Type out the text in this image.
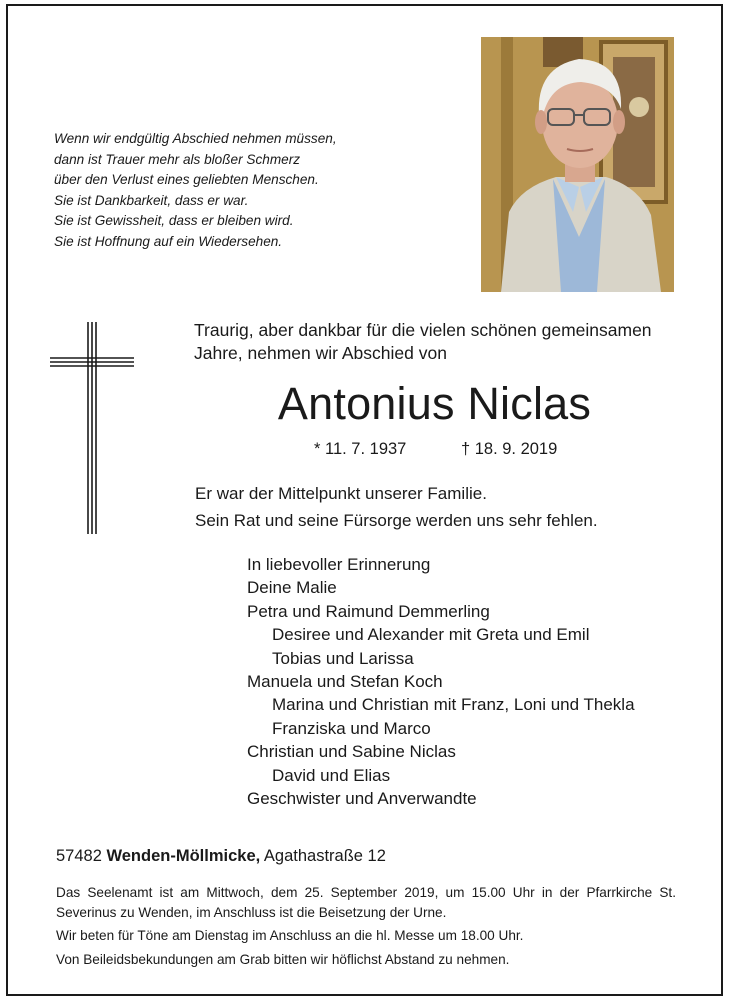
Wenn wir endgültig Abschied nehmen müssen,
dann ist Trauer mehr als bloßer Schmerz
über den Verlust eines geliebten Menschen.
Sie ist Dankbarkeit, dass er war.
Sie ist Gewissheit, dass er bleiben wird.
Sie ist Hoffnung auf ein Wiedersehen.
Traurig, aber dankbar für die vielen schönen gemeinsamen
Jahre, nehmen wir Abschied von
Antonius Niclas
* 11. 7. 1937	† 18. 9. 2019
Er war der Mittelpunkt unserer Familie.
Sein Rat und seine Fürsorge werden uns sehr fehlen.
In liebevoller Erinnerung
Deine Malie
Petra und Raimund Demmerling
Desiree und Alexander mit Greta und Emil
Tobias und Larissa
Manuela und Stefan Koch
Marina und Christian mit Franz, Loni und Thekla
Franziska und Marco
Christian und Sabine Niclas
David und Elias
Geschwister und Anverwandte
57482 Wenden-Möllmicke, Agathastraße 12

Das Seelenamt ist am Mittwoch, dem 25. September 2019, um 15.00 Uhr in der Pfarrkirche St. Severinus zu Wenden, im Anschluss ist die Beisetzung der Urne.

Wir beten für Töne am Dienstag im Anschluss an die hl. Messe um 18.00 Uhr.

Von Beileidsbekundungen am Grab bitten wir höflichst Abstand zu nehmen.
